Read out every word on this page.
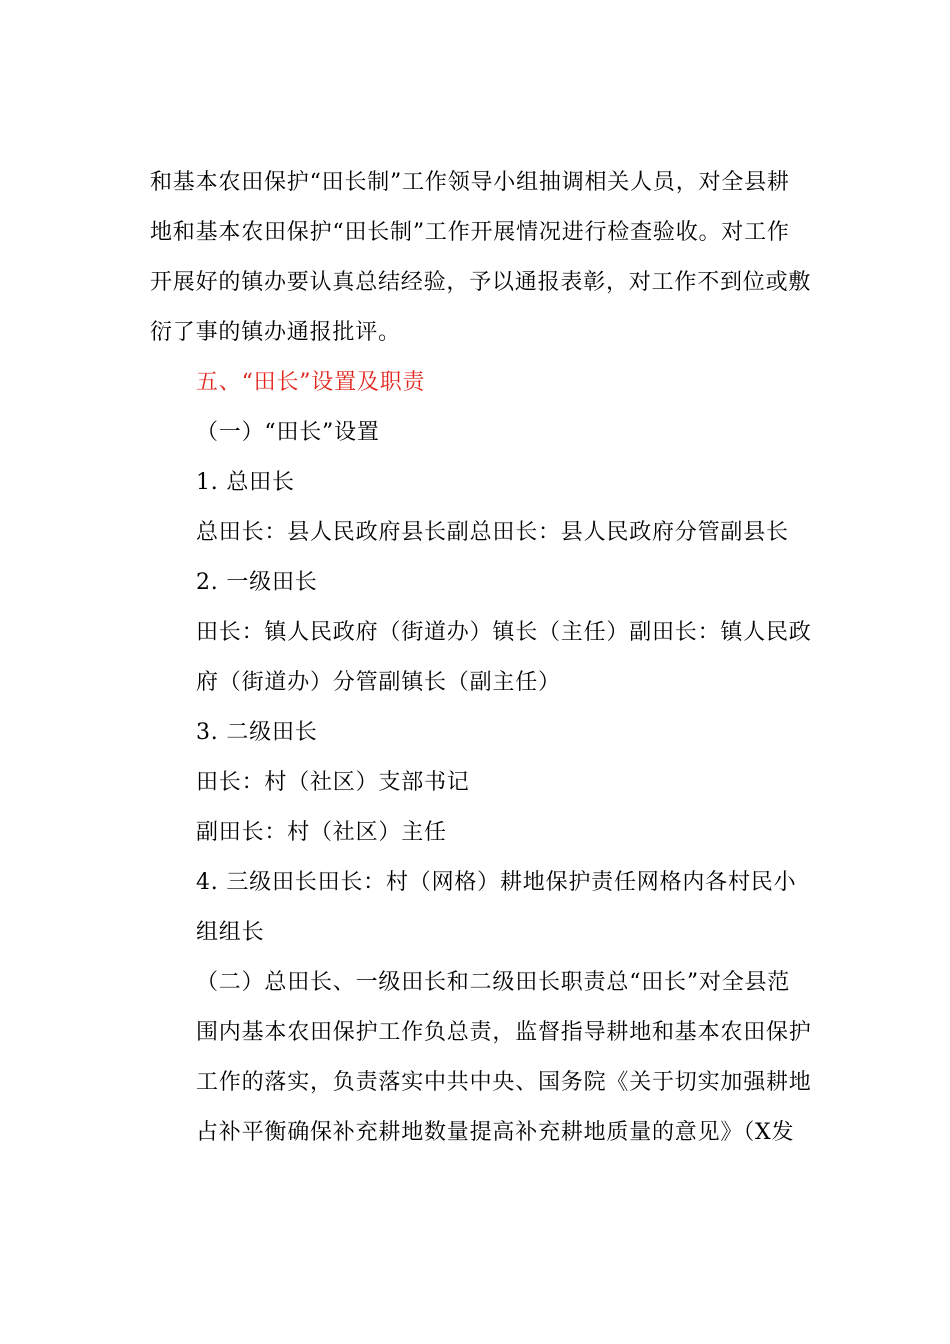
和基本农田保护“田长制”工作领导小组抽调相关人员，对全县耕
地和基本农田保护“田长制”工作开展情况进行检查验收。对工作
开展好的镇办要认真总结经验，予以通报表彰，对工作不到位或敷
衍了事的镇办通报批评。
五、“田长”设置及职责
（一）“田长”设置
1. 总田长
总田长：县人民政府县长副总田长：县人民政府分管副县长
2. 一级田长
田长：镇人民政府（街道办）镇长（主任）副田长：镇人民政
府（街道办）分管副镇长（副主任）
3. 二级田长
田长：村（社区）支部书记
副田长：村（社区）主任
4. 三级田长田长：村（网格）耕地保护责任网格内各村民小
组组长
（二）总田长、一级田长和二级田长职责总“田长”对全县范
围内基本农田保护工作负总责，监督指导耕地和基本农田保护
工作的落实，负责落实中共中央、国务院《关于切实加强耕地
占补平衡确保补充耕地数量提高补充耕地质量的意见》（X发
